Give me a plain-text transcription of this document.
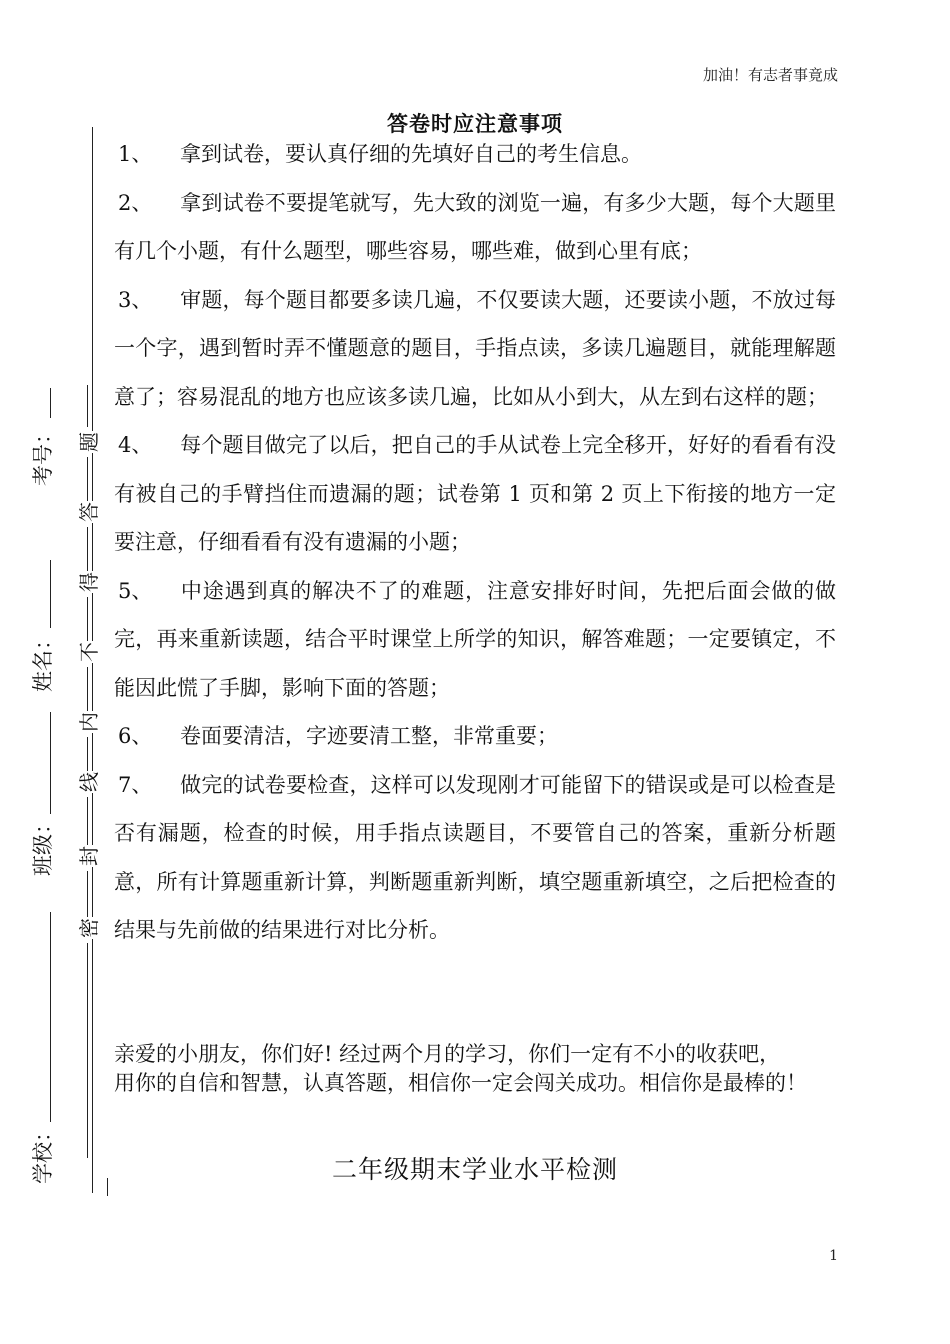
加油！有志者事竟成
答卷时应注意事项

1、 拿到试卷，要认真仔细的先填好自己的考生信息。

2、 拿到试卷不要提笔就写，先大致的浏览一遍，有多少大题，每个大题里有几个小题，有什么题型，哪些容易，哪些难，做到心里有底；

3、 审题，每个题目都要多读几遍，不仅要读大题，还要读小题，不放过每一个字，遇到暂时弄不懂题意的题目，手指点读，多读几遍题目，就能理解题意了；容易混乱的地方也应该多读几遍，比如从小到大，从左到右这样的题；

4、 每个题目做完了以后，把自己的手从试卷上完全移开，好好的看看有没有被自己的手臂挡住而遗漏的题；试卷第 1 页和第 2 页上下衔接的地方一定要注意，仔细看看有没有遗漏的小题；

5、 中途遇到真的解决不了的难题，注意安排好时间，先把后面会做的做完，再来重新读题，结合平时课堂上所学的知识，解答难题；一定要镇定，不能因此慌了手脚，影响下面的答题；

6、 卷面要清洁，字迹要清工整，非常重要；

7、 做完的试卷要检查，这样可以发现刚才可能留下的错误或是可以检查是否有漏题，检查的时候，用手指点读题目，不要管自己的答案，重新分析题意，所有计算题重新计算，判断题重新判断，填空题重新填空，之后把检查的结果与先前做的结果进行对比分析。

亲爱的小朋友，你们好! 经过两个月的学习，你们一定有不小的收获吧，
用你的自信和智慧，认真答题，相信你一定会闯关成功。相信你是最棒的！

二年级期末学业水平检测
题
答
得
不
内
线
封
密
考号：
姓名：
班级：
学校：
1
